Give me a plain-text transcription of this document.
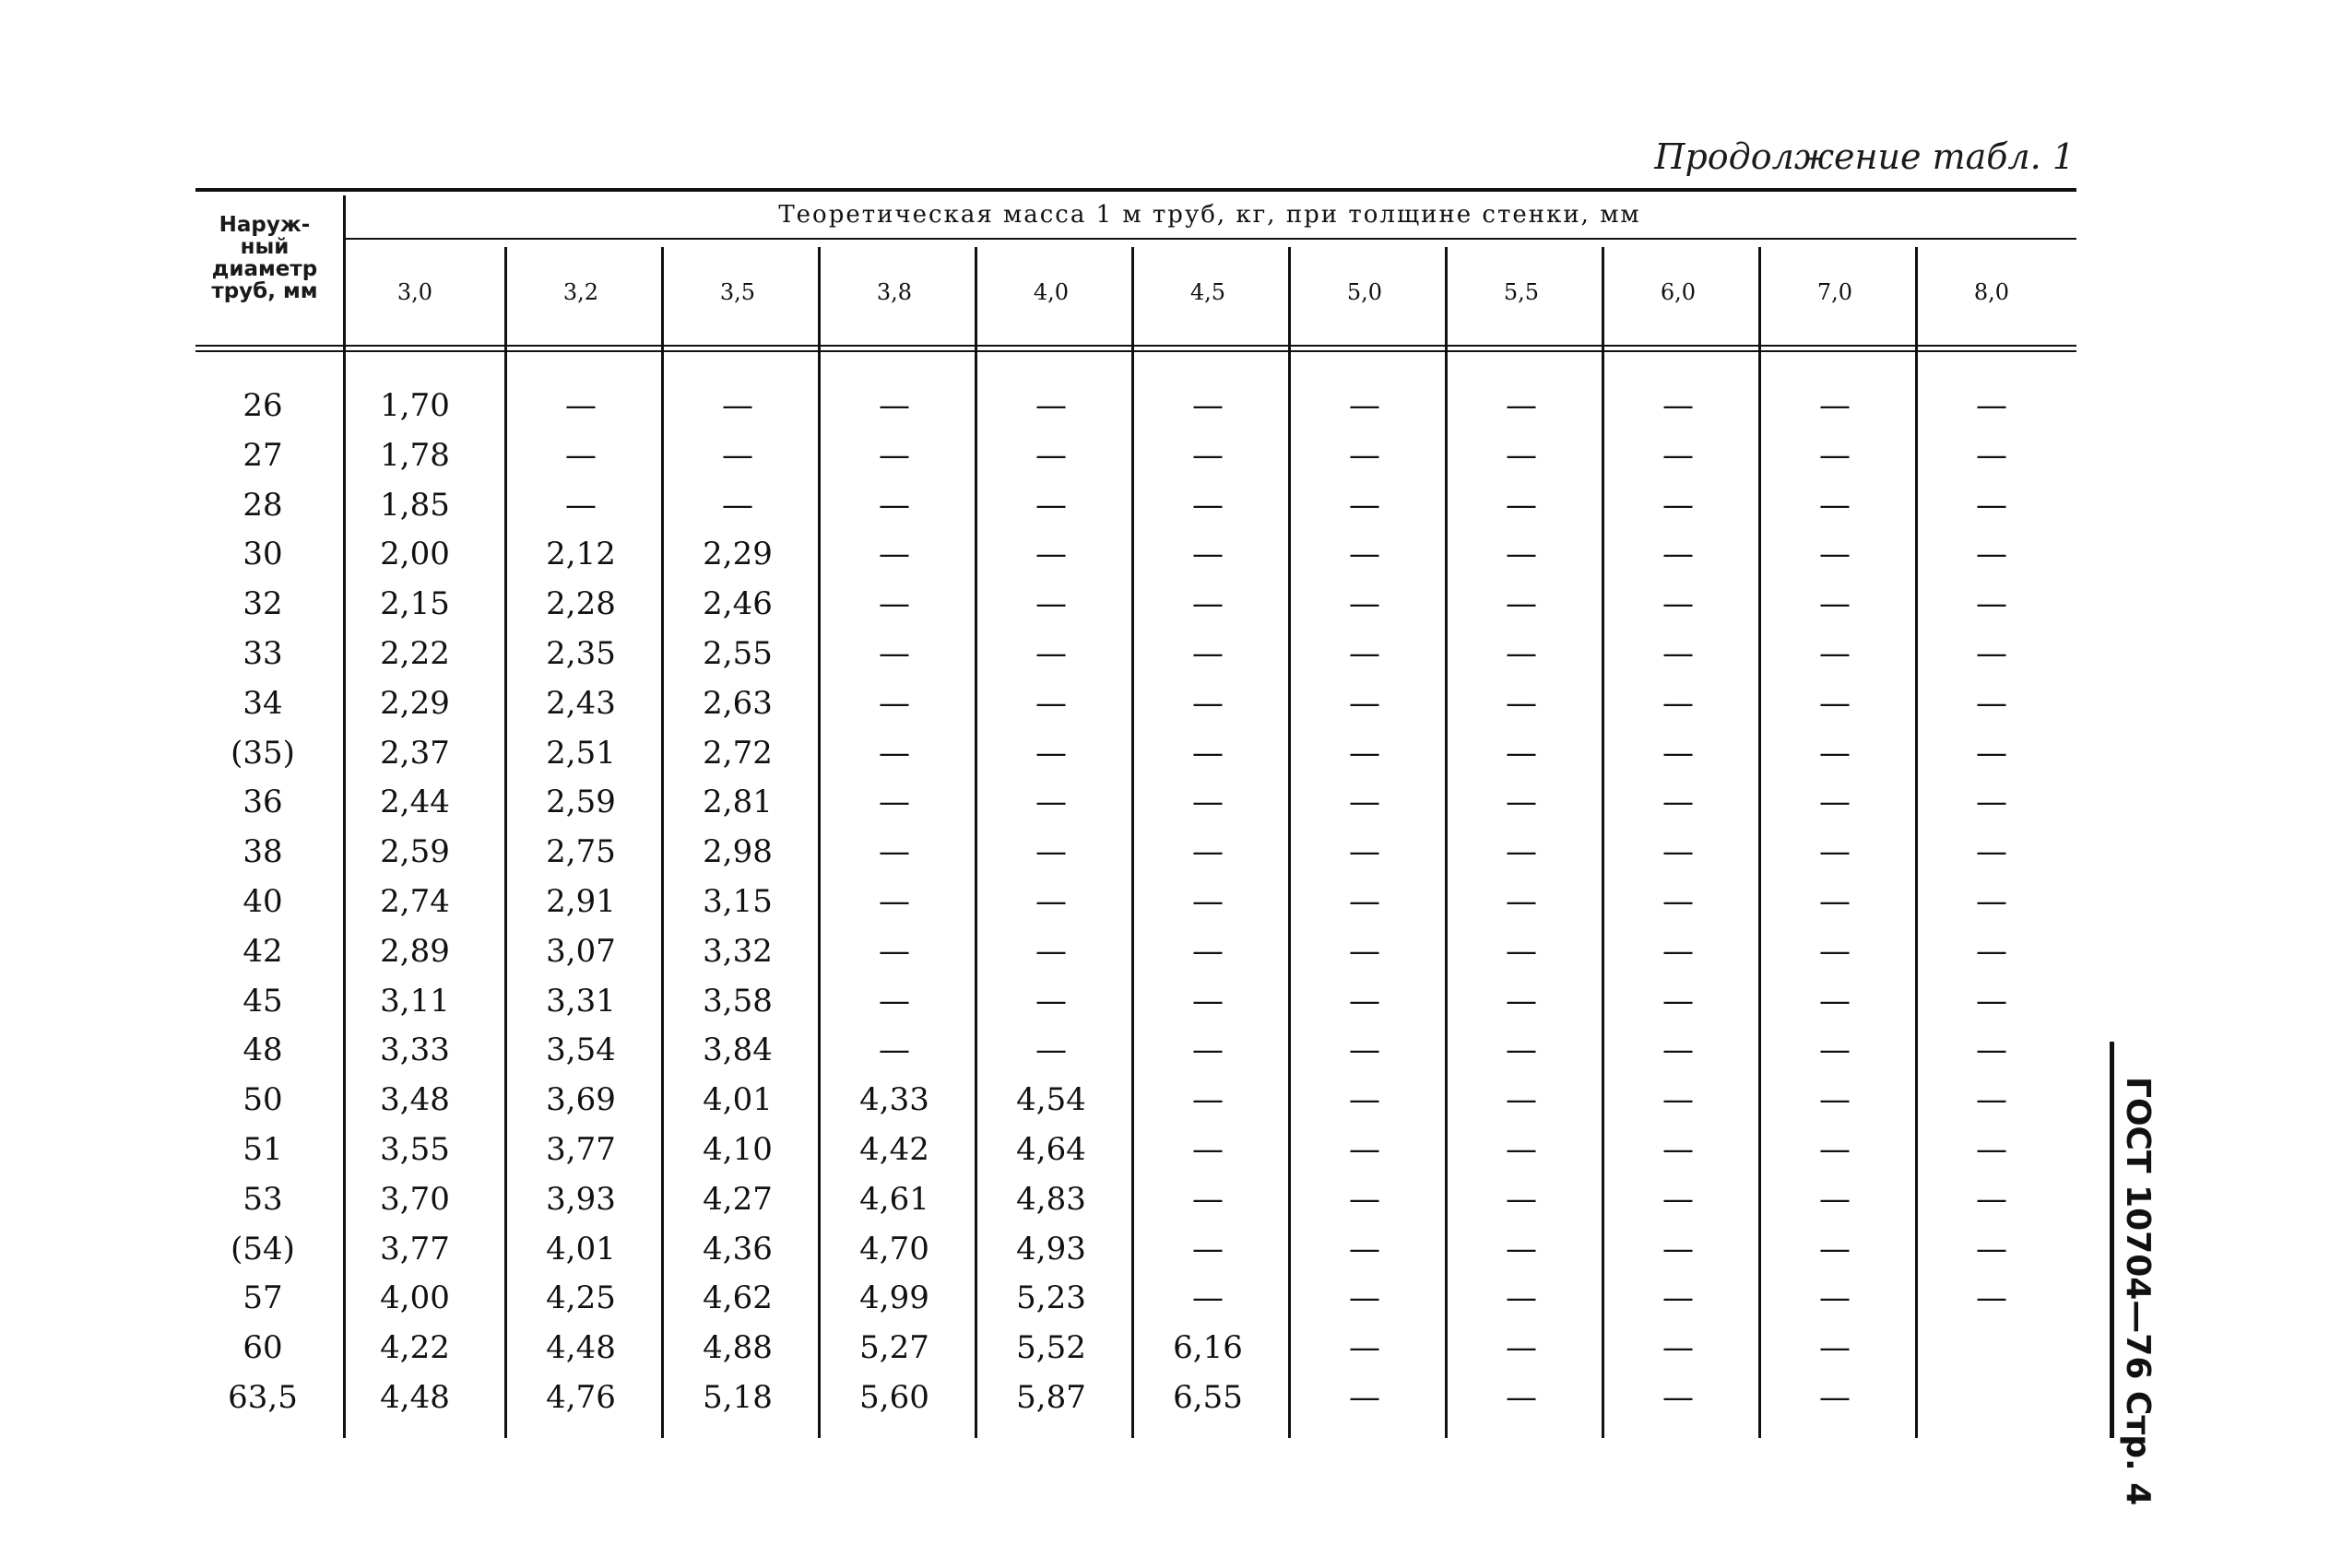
Продолжение табл. 1
Наруж-ный диаметр труб, мм
Теоретическая масса 1 м труб, кг, при толщине стенки, мм
3,0	3,2	3,5	3,8	4,0	4,5	5,0	5,5	6,0	7,0	8,0
26	1,70	—	—	—	—	—	—	—	—	—	—
27	1,78	—	—	—	—	—	—	—	—	—	—
28	1,85	—	—	—	—	—	—	—	—	—	—
30	2,00	2,12	2,29	—	—	—	—	—	—	—	—
32	2,15	2,28	2,46	—	—	—	—	—	—	—	—
33	2,22	2,35	2,55	—	—	—	—	—	—	—	—
34	2,29	2,43	2,63	—	—	—	—	—	—	—	—
(35)	2,37	2,51	2,72	—	—	—	—	—	—	—	—
36	2,44	2,59	2,81	—	—	—	—	—	—	—	—
38	2,59	2,75	2,98	—	—	—	—	—	—	—	—
40	2,74	2,91	3,15	—	—	—	—	—	—	—	—
42	2,89	3,07	3,32	—	—	—	—	—	—	—	—
45	3,11	3,31	3,58	—	—	—	—	—	—	—	—
48	3,33	3,54	3,84	—	—	—	—	—	—	—	—
50	3,48	3,69	4,01	4,33	4,54	—	—	—	—	—	—
51	3,55	3,77	4,10	4,42	4,64	—	—	—	—	—	—
53	3,70	3,93	4,27	4,61	4,83	—	—	—	—	—	—
(54)	3,77	4,01	4,36	4,70	4,93	—	—	—	—	—	—
57	4,00	4,25	4,62	4,99	5,23	—	—	—	—	—	—
60	4,22	4,48	4,88	5,27	5,52	6,16	—	—	—	—
63,5	4,48	4,76	5,18	5,60	5,87	6,55	—	—	—	—	ГОСТ 10704—76 Стр. 4
